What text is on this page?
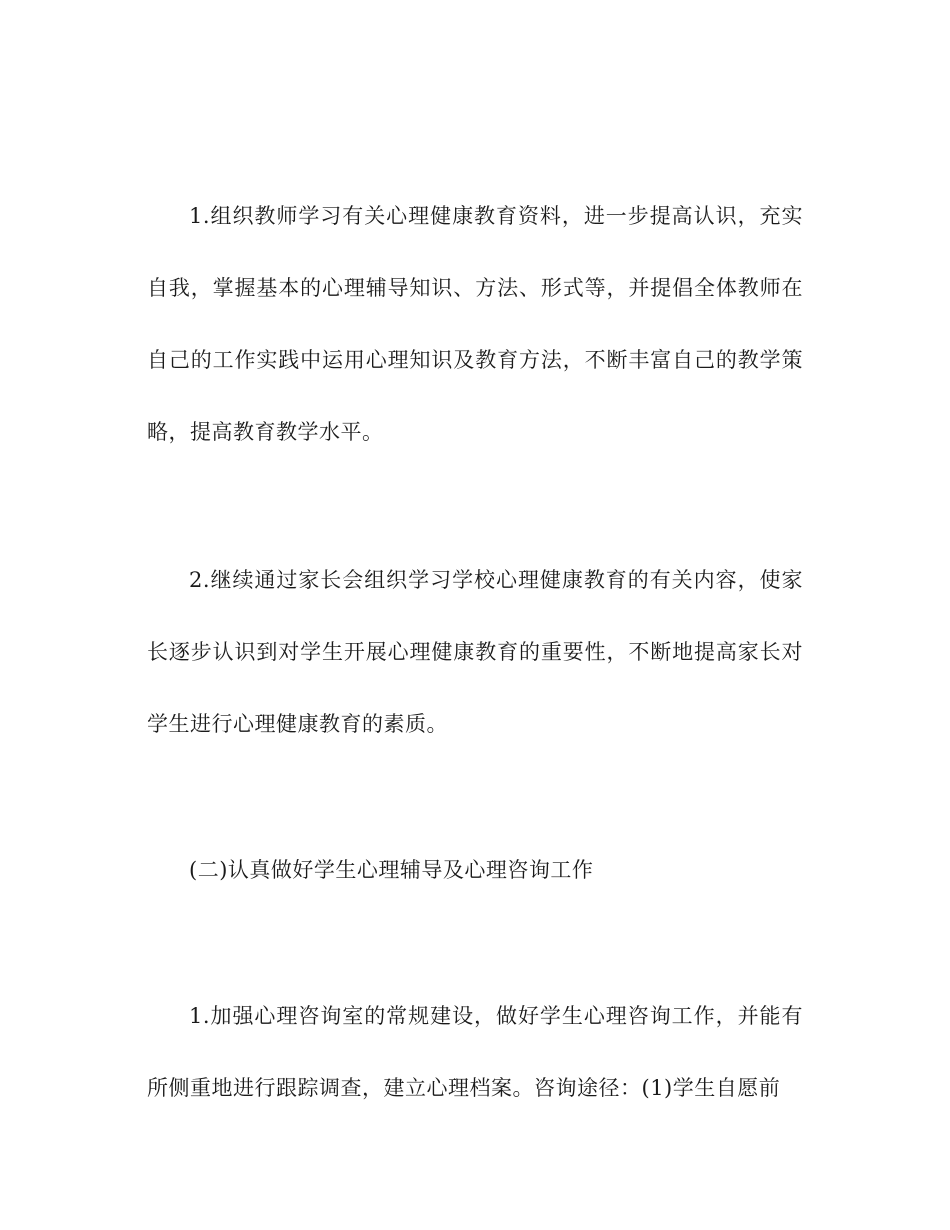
1.组织教师学习有关心理健康教育资料，进一步提高认识，充实自我，掌握基本的心理辅导知识、方法、形式等，并提倡全体教师在自己的工作实践中运用心理知识及教育方法，不断丰富自己的教学策略，提高教育教学水平。

2.继续通过家长会组织学习学校心理健康教育的有关内容，使家长逐步认识到对学生开展心理健康教育的重要性，不断地提高家长对学生进行心理健康教育的素质。

(二)认真做好学生心理辅导及心理咨询工作

1.加强心理咨询室的常规建设，做好学生心理咨询工作，并能有所侧重地进行跟踪调查，建立心理档案。咨询途径：(1)学生自愿前
